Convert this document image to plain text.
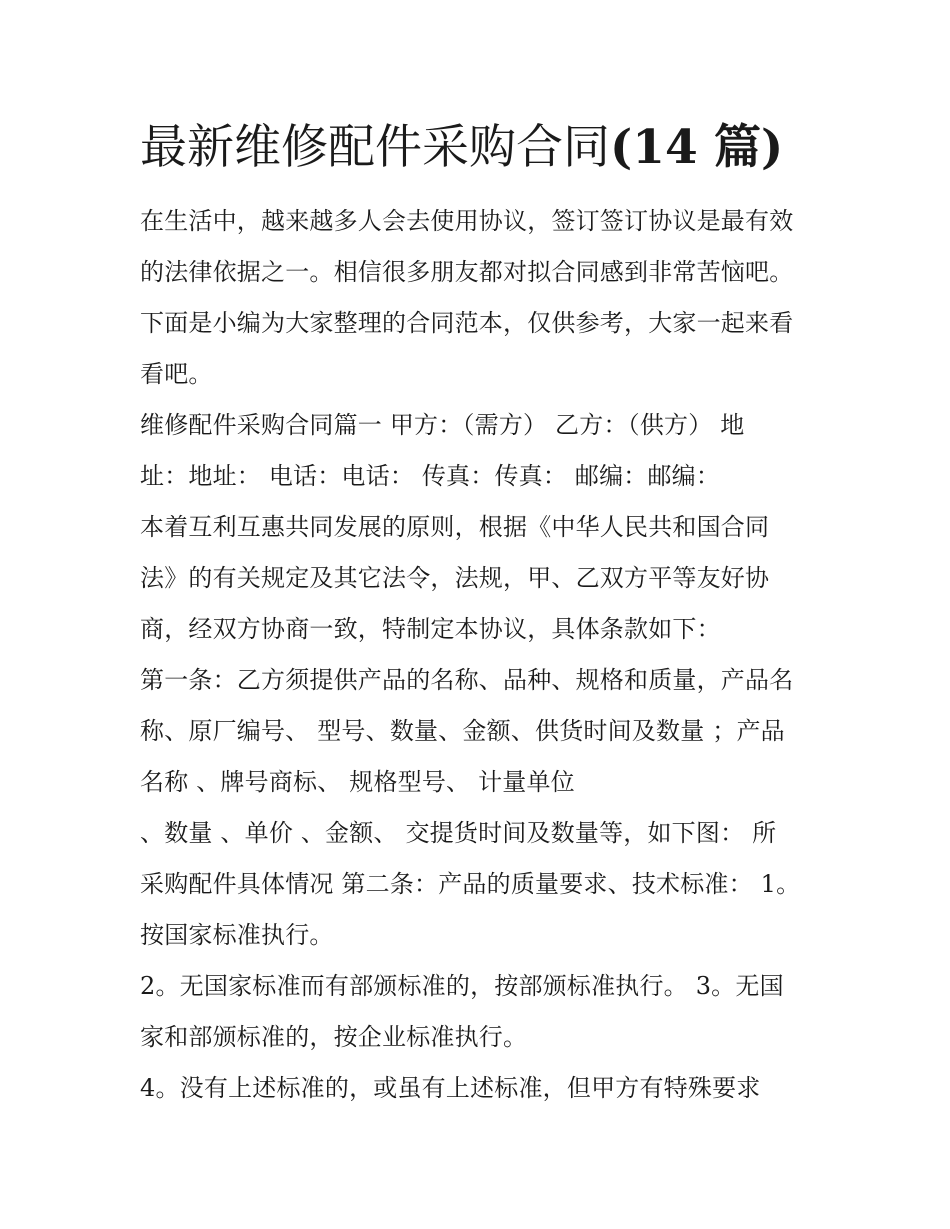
最新维修配件采购合同(14 篇)
在生活中，越来越多人会去使用协议，签订签订协议是最有效
的法律依据之一。相信很多朋友都对拟合同感到非常苦恼吧。
下面是小编为大家整理的合同范本，仅供参考，大家一起来看
看吧。
维修配件采购合同篇一 甲方：（需方） 乙方：（供方） 地
址：地址： 电话：电话： 传真：传真： 邮编：邮编：
本着互利互惠共同发展的原则，根据《中华人民共和国合同
法》的有关规定及其它法令，法规，甲、乙双方平等友好协
商，经双方协商一致，特制定本协议，具体条款如下：
第一条：乙方须提供产品的名称、品种、规格和质量，产品名
称、原厂编号、 型号、数量、金额、供货时间及数量 ；产品
名称 、牌号商标、 规格型号、 计量单位
、数量 、单价 、金额、 交提货时间及数量等，如下图： 所
采购配件具体情况 第二条：产品的质量要求、技术标准： 1。
按国家标准执行。
2。无国家标准而有部颁标准的，按部颁标准执行。 3。无国
家和部颁标准的，按企业标准执行。
4。没有上述标准的，或虽有上述标准，但甲方有特殊要求
